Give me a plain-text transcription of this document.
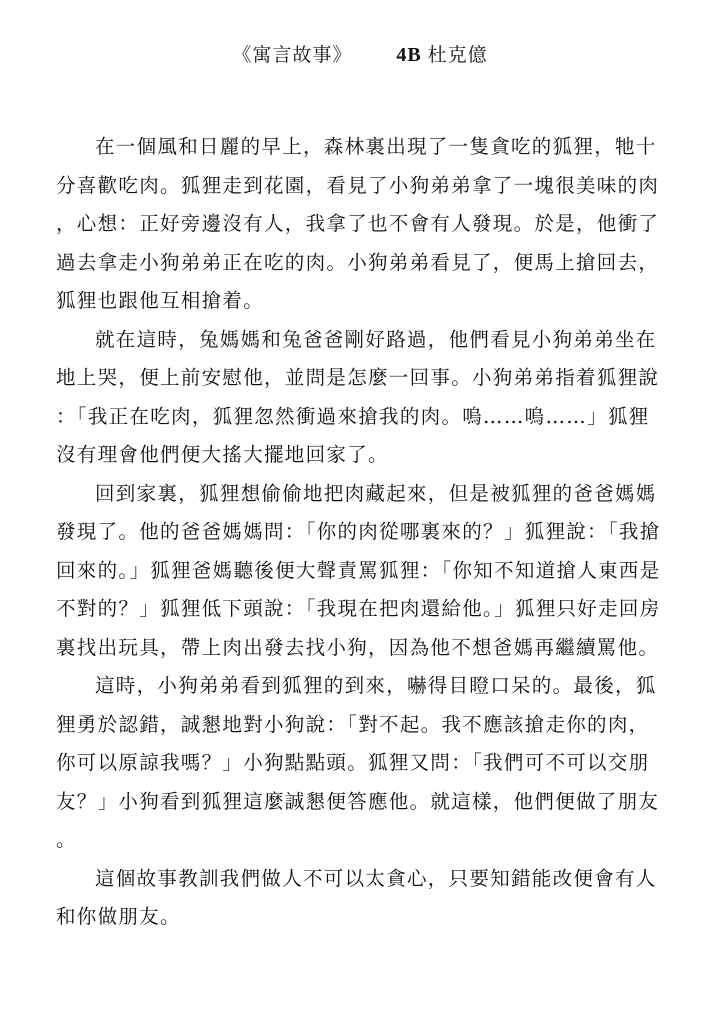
《寓言故事》 4B 杜克億

在一個風和日麗的早上，森林裏出現了一隻貪吃的狐狸，牠十分喜歡吃肉。狐狸走到花園，看見了小狗弟弟拿了一塊很美味的肉，心想：正好旁邊沒有人，我拿了也不會有人發現。於是，他衝了過去拿走小狗弟弟正在吃的肉。小狗弟弟看見了，便馬上搶回去，狐狸也跟他互相搶着。

就在這時，兔媽媽和兔爸爸剛好路過，他們看見小狗弟弟坐在地上哭，便上前安慰他，並問是怎麼一回事。小狗弟弟指着狐狸說：「我正在吃肉，狐狸忽然衝過來搶我的肉。嗚……嗚……」狐狸沒有理會他們便大搖大擺地回家了。

回到家裏，狐狸想偷偷地把肉藏起來，但是被狐狸的爸爸媽媽發現了。他的爸爸媽媽問：「你的肉從哪裏來的？」狐狸說：「我搶回來的。」狐狸爸媽聽後便大聲責罵狐狸：「你知不知道搶人東西是不對的？」狐狸低下頭說：「我現在把肉還給他。」狐狸只好走回房裏找出玩具，帶上肉出發去找小狗，因為他不想爸媽再繼續罵他。

這時，小狗弟弟看到狐狸的到來，嚇得目瞪口呆的。最後，狐狸勇於認錯，誠懇地對小狗說：「對不起。我不應該搶走你的肉，你可以原諒我嗎？」小狗點點頭。狐狸又問：「我們可不可以交朋友？」小狗看到狐狸這麼誠懇便答應他。就這樣，他們便做了朋友。

這個故事教訓我們做人不可以太貪心，只要知錯能改便會有人和你做朋友。
